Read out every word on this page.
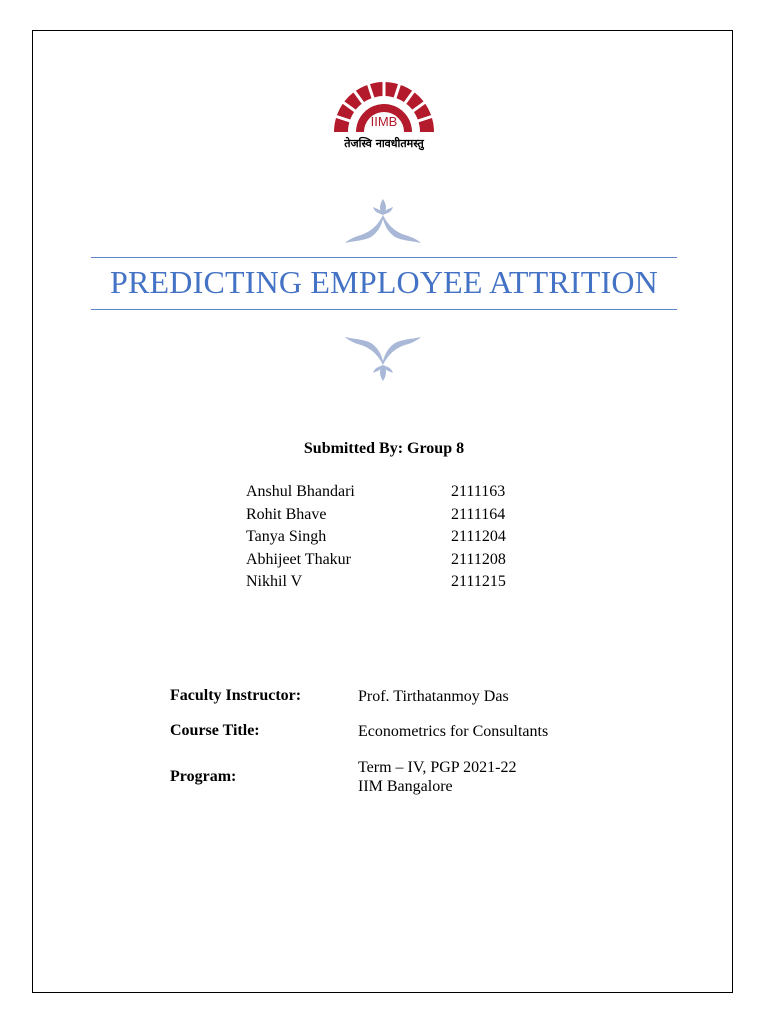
IIMB
तेजस्वि नावधीतमस्तु
PREDICTING EMPLOYEE ATTRITION
Submitted By: Group 8
Anshul Bhandari	2111163
Rohit Bhave	2111164
Tanya Singh	2111204
Abhijeet Thakur	2111208
Nikhil V	2111215
Faculty Instructor:	Prof. Tirthatanmoy Das
Course Title:	Econometrics for Consultants
Program:
Term – IV, PGP 2021-22
IIM Bangalore
